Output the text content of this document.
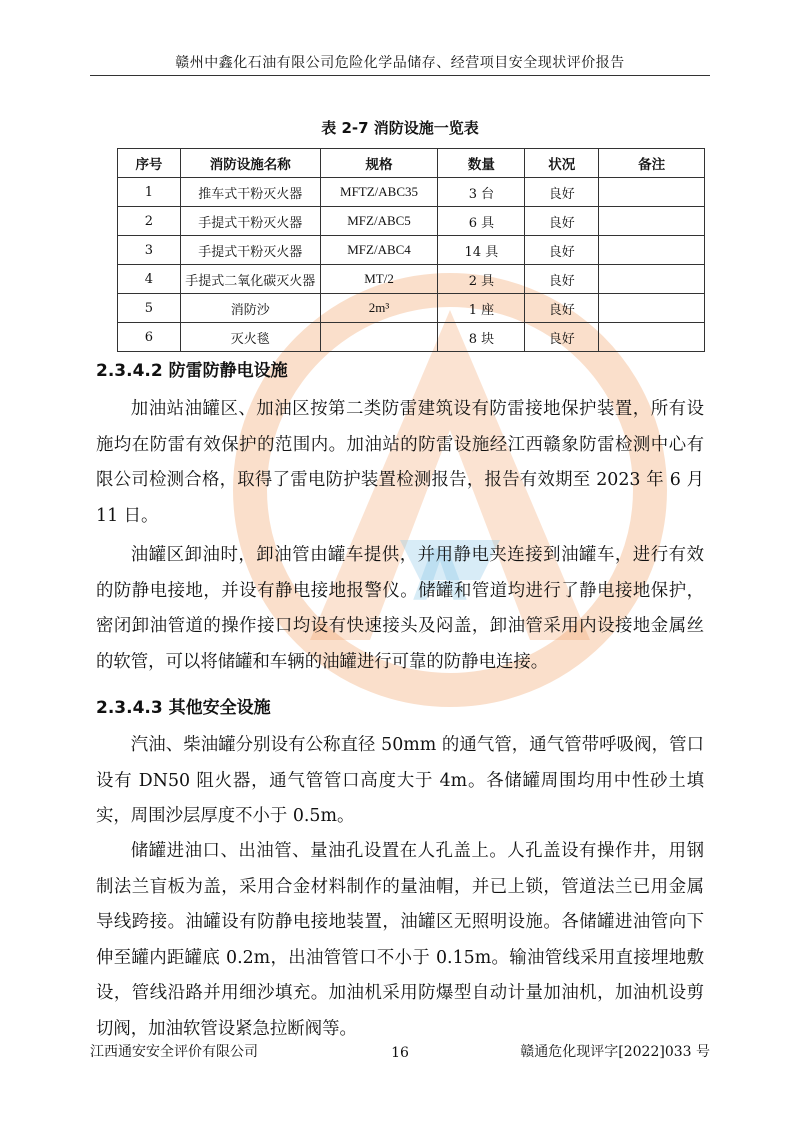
赣州中鑫化石油有限公司危险化学品储存、经营项目安全现状评价报告
A
表 2-7 消防设施一览表
序号	消防设施名称	规格	数量	状况	备注
1	推车式干粉灭火器	MFTZ/ABC35	3 台	良好	
2	手提式干粉灭火器	MFZ/ABC5	6 具	良好	
3	手提式干粉灭火器	MFZ/ABC4	14 具	良好	
4	手提式二氧化碳灭火器	MT/2	2 具	良好	
5	消防沙	2m³	1 座	良好	
6	灭火毯		8 块	良好	
2.3.4.2 防雷防静电设施

加油站油罐区、加油区按第二类防雷建筑设有防雷接地保护装置，所有设施均在防雷有效保护的范围内。加油站的防雷设施经江西赣象防雷检测中心有限公司检测合格，取得了雷电防护装置检测报告，报告有效期至 2023 年 6 月 11 日。

油罐区卸油时，卸油管由罐车提供，并用静电夹连接到油罐车，进行有效的防静电接地，并设有静电接地报警仪。储罐和管道均进行了静电接地保护，密闭卸油管道的操作接口均设有快速接头及闷盖，卸油管采用内设接地金属丝的软管，可以将储罐和车辆的油罐进行可靠的防静电连接。

2.3.4.3 其他安全设施

汽油、柴油罐分别设有公称直径 50mm 的通气管，通气管带呼吸阀，管口设有 DN50 阻火器，通气管管口高度大于 4m。各储罐周围均用中性砂土填实，周围沙层厚度不小于 0.5m。

储罐进油口、出油管、量油孔设置在人孔盖上。人孔盖设有操作井，用钢制法兰盲板为盖，采用合金材料制作的量油帽，并已上锁，管道法兰已用金属导线跨接。油罐设有防静电接地装置，油罐区无照明设施。各储罐进油管向下伸至罐内距罐底 0.2m，出油管管口不小于 0.15m。输油管线采用直接埋地敷设，管线沿路并用细沙填充。加油机采用防爆型自动计量加油机，加油机设剪切阀，加油软管设紧急拉断阀等。

江西通安安全评价有限公司	16	赣通危化现评字[2022]033 号
